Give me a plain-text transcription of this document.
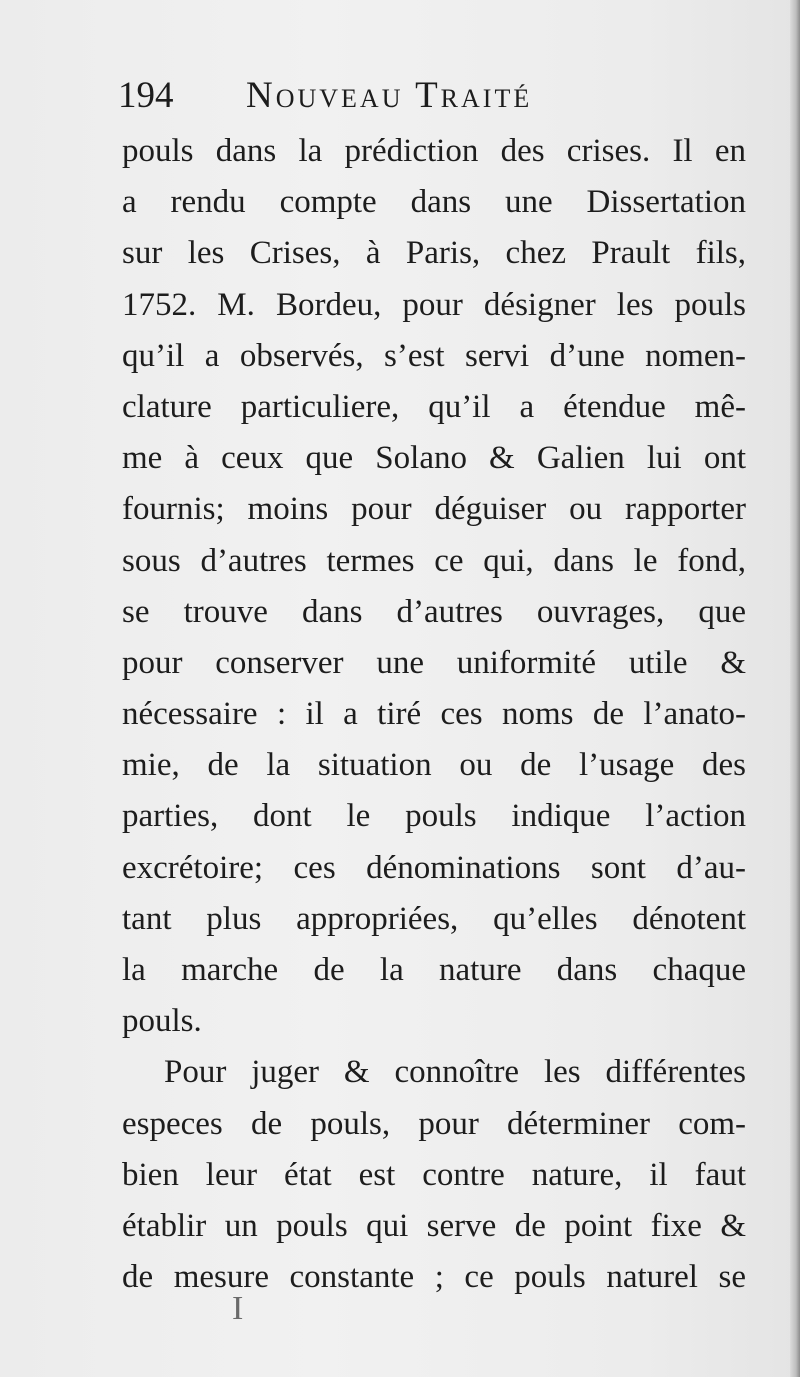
194 Nouveau Traité
pouls dans la prédiction des crises. Il en
a rendu compte dans une Dissertation
sur les Crises, à Paris, chez Prault fils,
1752. M. Bordeu, pour désigner les pouls
qu’il a observés, s’est servi d’une nomen-
clature particuliere, qu’il a étendue mê-
me à ceux que Solano & Galien lui ont
fournis; moins pour déguiser ou rapporter
sous d’autres termes ce qui, dans le fond,
se trouve dans d’autres ouvrages, que
pour conserver une uniformité utile &
nécessaire : il a tiré ces noms de l’anato-
mie, de la situation ou de l’usage des
parties, dont le pouls indique l’action
excrétoire; ces dénominations sont d’au-
tant plus appropriées, qu’elles dénotent
la marche de la nature dans chaque
pouls.
Pour juger & connoître les différentes
especes de pouls, pour déterminer com-
bien leur état est contre nature, il faut
établir un pouls qui serve de point fixe &
de mesure constante ; ce pouls naturel se
I
